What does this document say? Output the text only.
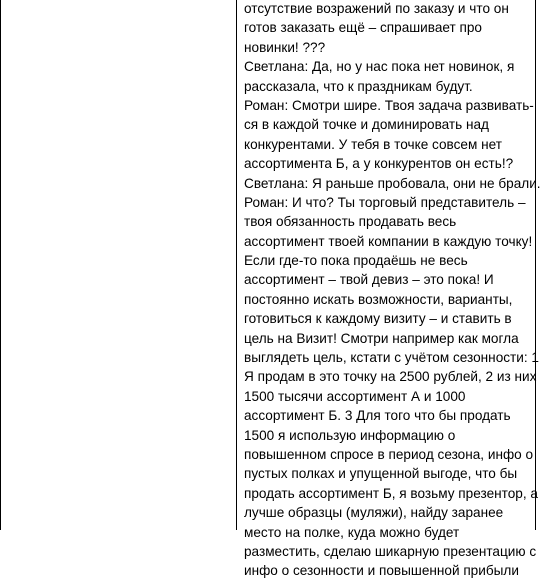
отсутствие возражений по заказу и что он
готов заказать ещё – спрашивает про
новинки! ???
Светлана: Да, но у нас пока нет новинок, я
рассказала, что к праздникам будут.
Роман: Смотри шире. Твоя задача развивать-
ся в каждой точке и доминировать над
конкурентами. У тебя в точке совсем нет
ассортимента Б, а у конкурентов он есть!?
Светлана: Я раньше пробовала, они не брали.
Роман: И что? Ты торговый представитель –
твоя обязанность продавать весь
ассортимент твоей компании в каждую точку!
Если где-то пока продаёшь не весь
ассортимент – твой девиз – это пока! И
постоянно искать возможности, варианты,
готовиться к каждому визиту – и ставить в
цель на Визит! Смотри например как могла
выглядеть цель, кстати с учётом сезонности: 1
Я продам в это точку на 2500 рублей, 2 из них
1500 тысячи ассортимент А и 1000
ассортимент Б. 3 Для того что бы продать
1500 я использую информацию о
повышенном спросе в период сезона, инфо о
пустых полках и упущенной выгоде, что бы
продать ассортимент Б, я возьму презентор, а
лучше образцы (муляжи), найду заранее
место на полке, куда можно будет
разместить, сделаю шикарную презентацию с
инфо о сезонности и повышенной прибыли
